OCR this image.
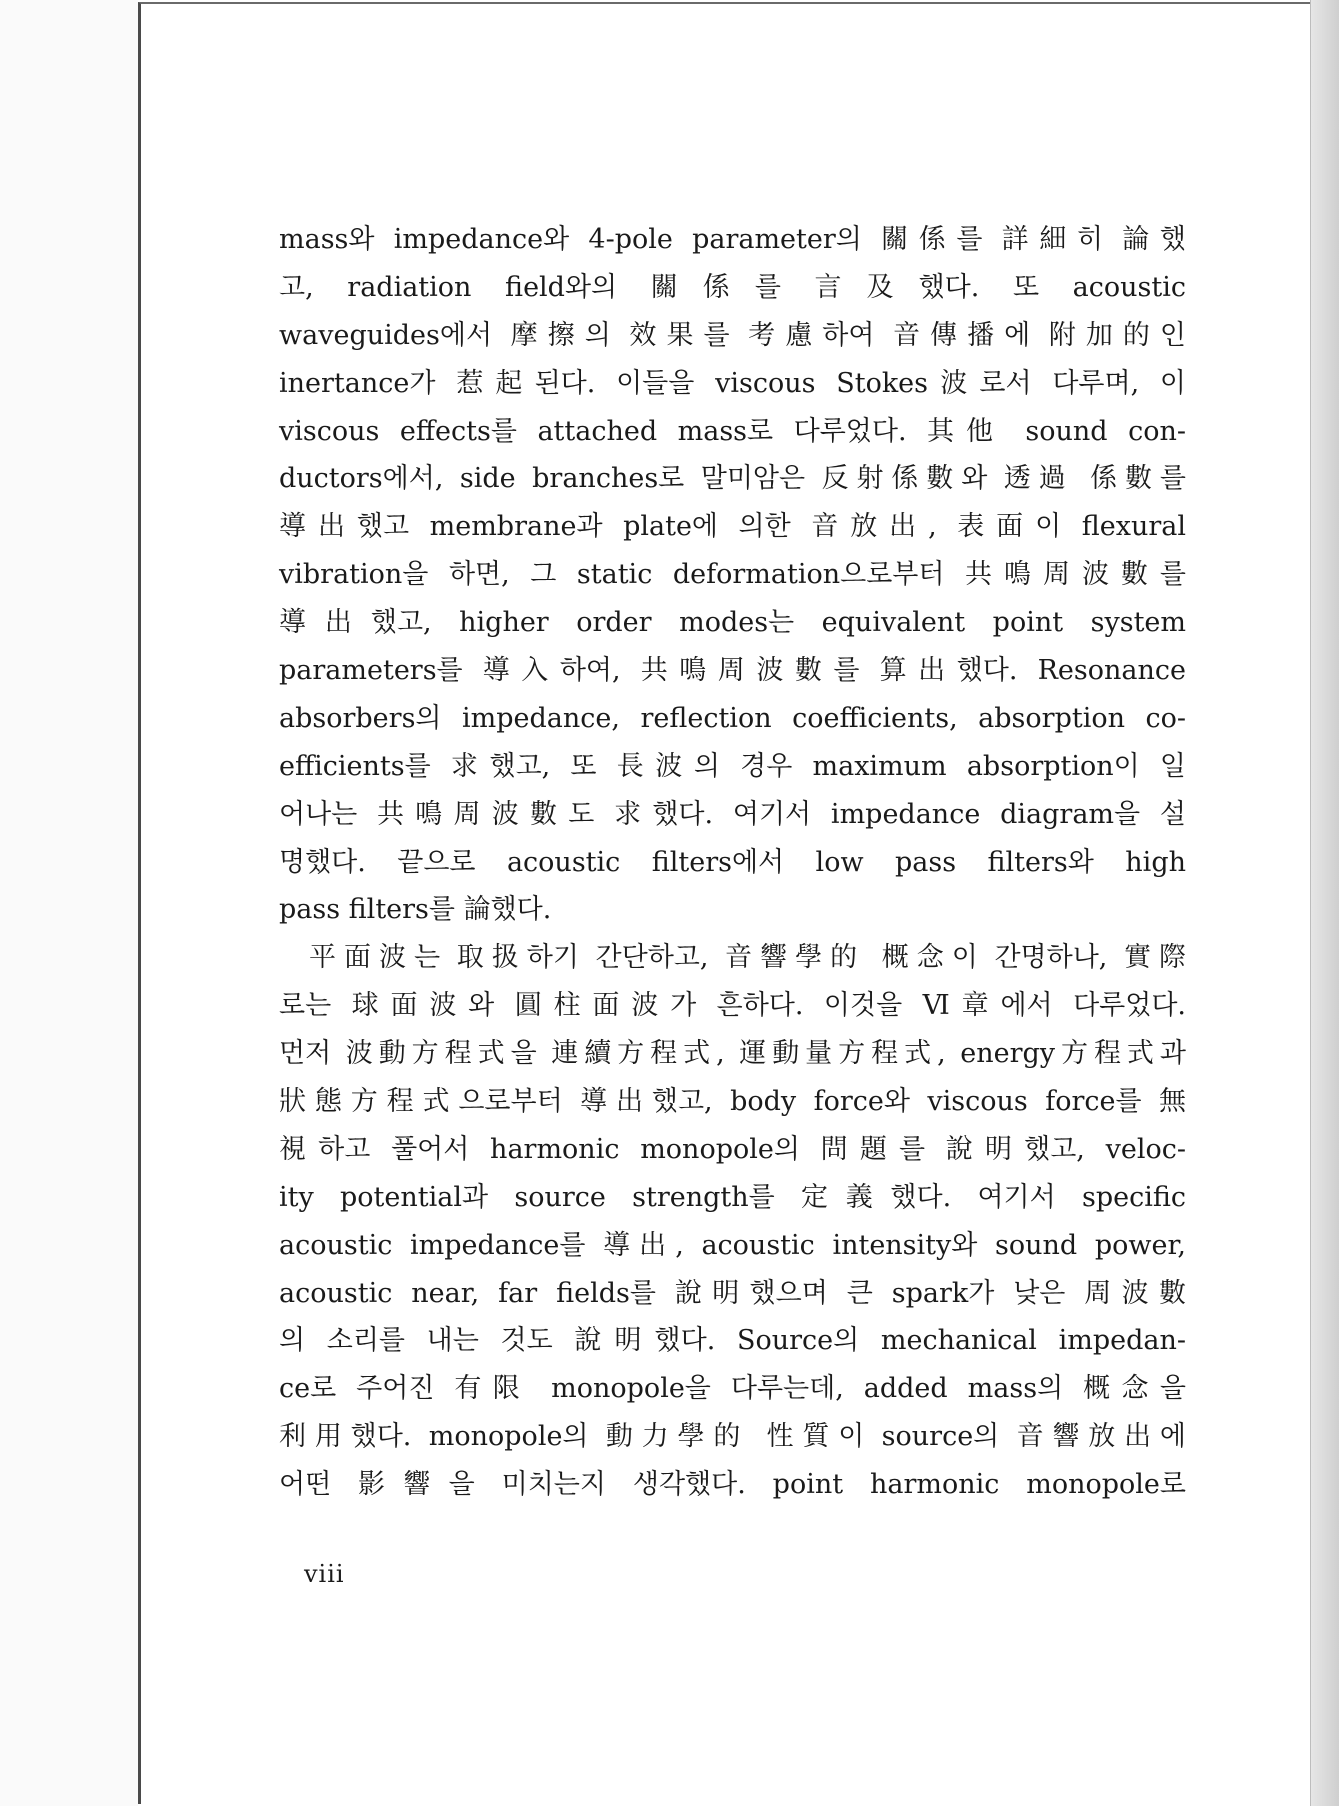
mass와 impedance와 4-pole parameter의 關係를 詳細히 論했
고, radiation field와의 關係를 言及했다. 또 acoustic
waveguides에서 摩擦의 效果를 考慮하여 音傳播에 附加的인
inertance가 惹起된다. 이들을 viscous Stokes波로서 다루며, 이
viscous effects를 attached mass로 다루었다. 其他 sound con-
ductors에서, side branches로 말미암은 反射係數와 透過 係數를
導出했고 membrane과 plate에 의한 音放出, 表面이 flexural
vibration을 하면, 그 static deformation으로부터 共鳴周波數를
導出했고, higher order modes는 equivalent point system
parameters를 導入하여, 共鳴周波數를 算出했다. Resonance
absorbers의 impedance, reflection coefficients, absorption co-
efficients를 求했고, 또 長波의 경우 maximum absorption이 일
어나는 共鳴周波數도 求했다. 여기서 impedance diagram을 설
명했다. 끝으로 acoustic filters에서 low pass filters와 high
pass filters를 論했다.
平面波는 取扱하기 간단하고, 音響學的 概念이 간명하나, 實際
로는 球面波와 圓柱面波가 흔하다. 이것을 Ⅵ章에서 다루었다.
먼저 波動方程式을 連續方程式, 運動量方程式, energy方程式과
狀態方程式으로부터 導出했고, body force와 viscous force를 無
視하고 풀어서 harmonic monopole의 問題를 說明했고, veloc-
ity potential과 source strength를 定義했다. 여기서 specific
acoustic impedance를 導出, acoustic intensity와 sound power,
acoustic near, far fields를 說明했으며 큰 spark가 낮은 周波數
의 소리를 내는 것도 說明했다. Source의 mechanical impedan-
ce로 주어진 有限 monopole을 다루는데, added mass의 概念을
利用했다. monopole의 動力學的 性質이 source의 音響放出에
어떤 影響을 미치는지 생각했다. point harmonic monopole로
viii
